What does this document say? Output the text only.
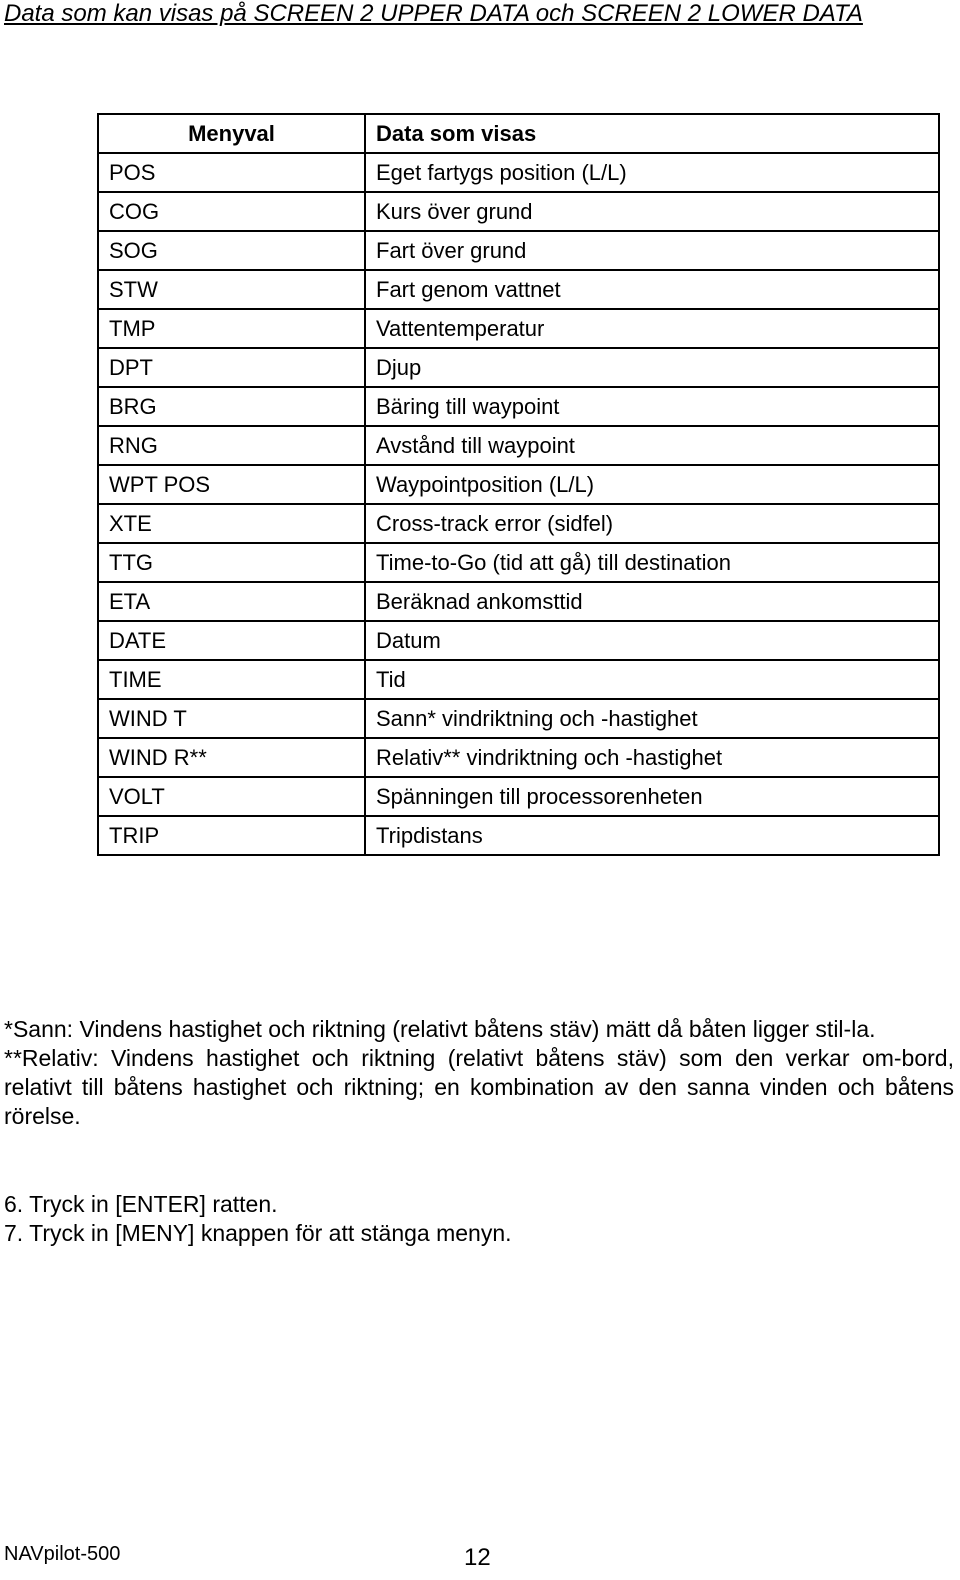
Data som kan visas på SCREEN 2 UPPER DATA och SCREEN 2 LOWER DATA
Menyval	Data som visas
POS	Eget fartygs position (L/L)
COG	Kurs över grund
SOG	Fart över grund
STW	Fart genom vattnet
TMP	Vattentemperatur
DPT	Djup
BRG	Bäring till waypoint
RNG	Avstånd till waypoint
WPT POS	Waypointposition (L/L)
XTE	Cross-track error (sidfel)
TTG	Time-to-Go (tid att gå) till destination
ETA	Beräknad ankomsttid
DATE	Datum
TIME	Tid
WIND T	Sann* vindriktning och -hastighet
WIND R**	Relativ** vindriktning och -hastighet
VOLT	Spänningen till processorenheten
TRIP	Tripdistans

*Sann: Vindens hastighet och riktning (relativt båtens stäv) mätt då båten ligger stil-la.

**Relativ: Vindens hastighet och riktning (relativt båtens stäv) som den verkar om-bord, relativt till båtens hastighet och riktning; en kombination av den sanna vinden och båtens rörelse.

6. Tryck in [ENTER] ratten.

7. Tryck in [MENY] knappen för att stänga menyn.

NAVpilot-500	12
